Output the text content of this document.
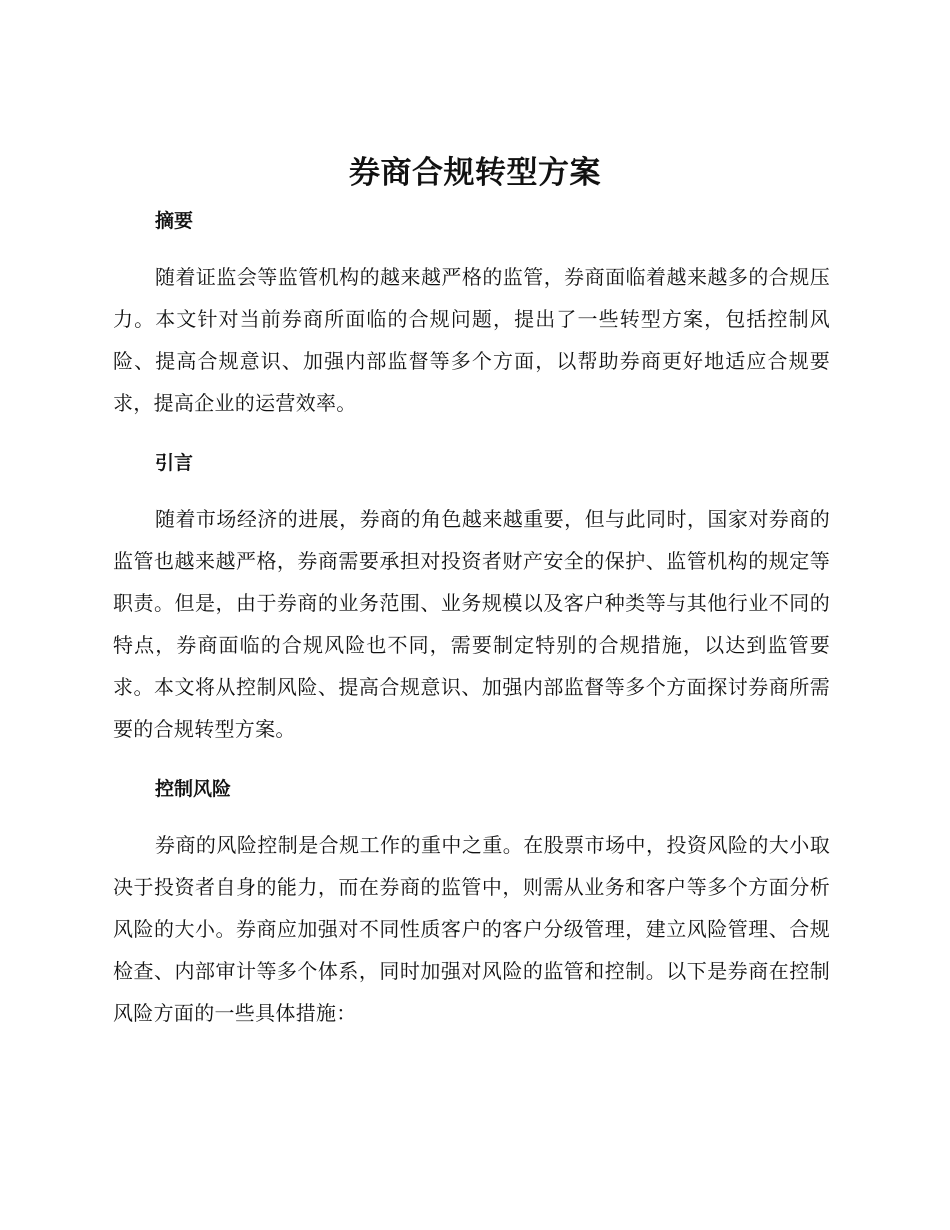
券商合规转型方案
摘要

随着证监会等监管机构的越来越严格的监管，券商面临着越来越多的合规压力。本文针对当前券商所面临的合规问题，提出了一些转型方案，包括控制风险、提高合规意识、加强内部监督等多个方面，以帮助券商更好地适应合规要求，提高企业的运营效率。

引言

随着市场经济的进展，券商的角色越来越重要，但与此同时，国家对券商的监管也越来越严格，券商需要承担对投资者财产安全的保护、监管机构的规定等职责。但是，由于券商的业务范围、业务规模以及客户种类等与其他行业不同的特点，券商面临的合规风险也不同，需要制定特别的合规措施，以达到监管要求。本文将从控制风险、提高合规意识、加强内部监督等多个方面探讨券商所需要的合规转型方案。

控制风险

券商的风险控制是合规工作的重中之重。在股票市场中，投资风险的大小取决于投资者自身的能力，而在券商的监管中，则需从业务和客户等多个方面分析风险的大小。券商应加强对不同性质客户的客户分级管理，建立风险管理、合规检查、内部审计等多个体系，同时加强对风险的监管和控制。以下是券商在控制风险方面的一些具体措施：
